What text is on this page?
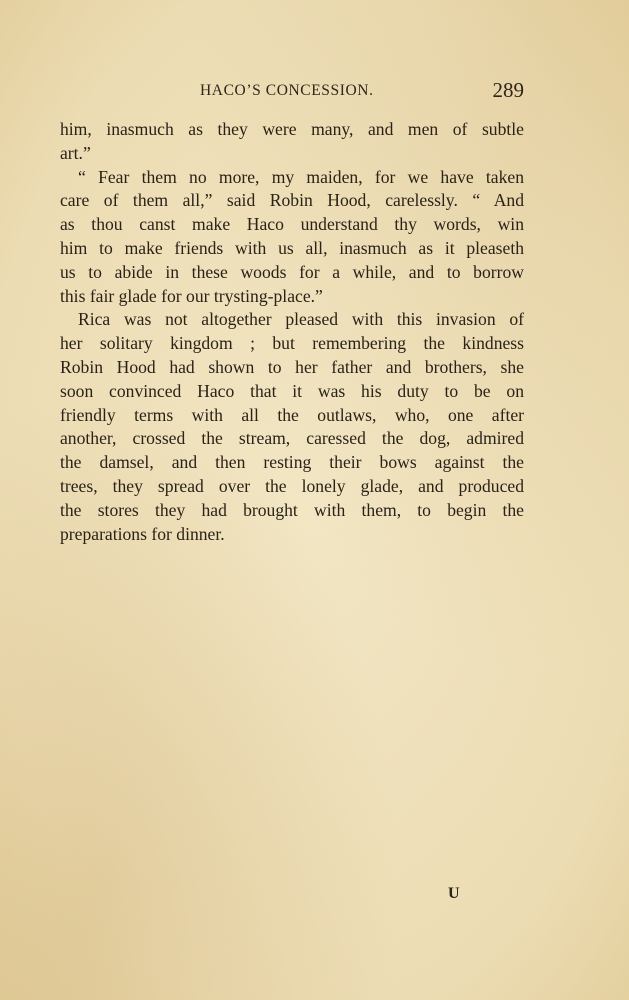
HACO’S CONCESSION.	289
him, inasmuch as they were many, and men of subtle
art.”
“ Fear them no more, my maiden, for we have taken
care of them all,” said Robin Hood, carelessly. “ And
as thou canst make Haco understand thy words, win
him to make friends with us all, inasmuch as it pleaseth
us to abide in these woods for a while, and to borrow
this fair glade for our trysting-place.”
Rica was not altogether pleased with this invasion of
her solitary kingdom ; but remembering the kindness
Robin Hood had shown to her father and brothers, she
soon convinced Haco that it was his duty to be on
friendly terms with all the outlaws, who, one after
another, crossed the stream, caressed the dog, admired
the damsel, and then resting their bows against the
trees, they spread over the lonely glade, and produced
the stores they had brought with them, to begin the
preparations for dinner.
U
